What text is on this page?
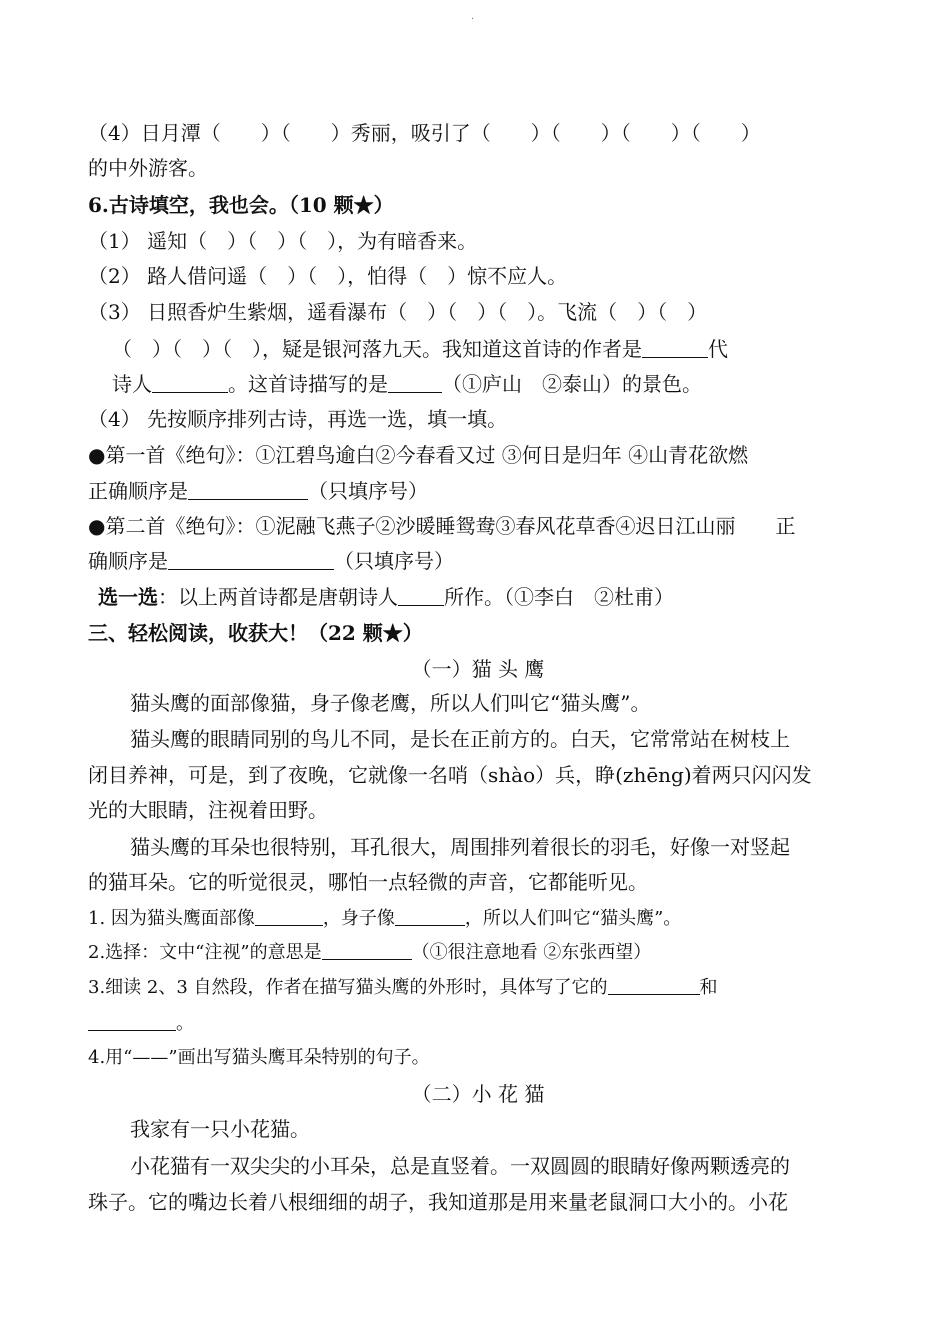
·
（4）日月潭（　　）（　　）秀丽，吸引了（　　）（　　）（　　）（　　）
的中外游客。
6.古诗填空，我也会。（10 颗★）
（1） 遥知（　）（　）（　），为有暗香来。
（2） 路人借问遥（　）（　），怕得（　）惊不应人。
（3） 日照香炉生紫烟，遥看瀑布（　）（　）（　）。飞流（　）（　）
（　）（　）（　），疑是银河落九天。我知道这首诗的作者是	代
诗人	。这首诗描写的是	（①庐山　②泰山）的景色。
（4） 先按顺序排列古诗，再选一选，填一填。
●第一首《绝句》：①江碧鸟逾白②今春看又过 ③何日是归年 ④山青花欲燃
正确顺序是	（只填序号）
●第二首《绝句》：①泥融飞燕子②沙暖睡鸳鸯③春风花草香④迟日江山丽　　正
确顺序是	（只填序号）
选一选：以上两首诗都是唐朝诗人 所作。（①李白　②杜甫）
三、轻松阅读，收获大！（22 颗★）
（一）猫 头 鹰
猫头鹰的面部像猫，身子像老鹰，所以人们叫它“猫头鹰”。
猫头鹰的眼睛同别的鸟儿不同，是长在正前方的。白天，它常常站在树枝上
闭目养神，可是，到了夜晚，它就像一名哨（shào）兵，睁(zhēng)着两只闪闪发
光的大眼睛，注视着田野。
猫头鹰的耳朵也很特别，耳孔很大，周围排列着很长的羽毛，好像一对竖起
的猫耳朵。它的听觉很灵，哪怕一点轻微的声音，它都能听见。
1. 因为猫头鹰面部像	，身子像	，所以人们叫它“猫头鹰”。
2.选择：文中“注视”的意思是	（①很注意地看 ②东张西望）
3.细读 2、3 自然段，作者在描写猫头鹰的外形时，具体写了它的	和
。
4.用“——”画出写猫头鹰耳朵特别的句子。
（二）小 花 猫
我家有一只小花猫。
小花猫有一双尖尖的小耳朵，总是直竖着。一双圆圆的眼睛好像两颗透亮的
珠子。它的嘴边长着八根细细的胡子，我知道那是用来量老鼠洞口大小的。小花
